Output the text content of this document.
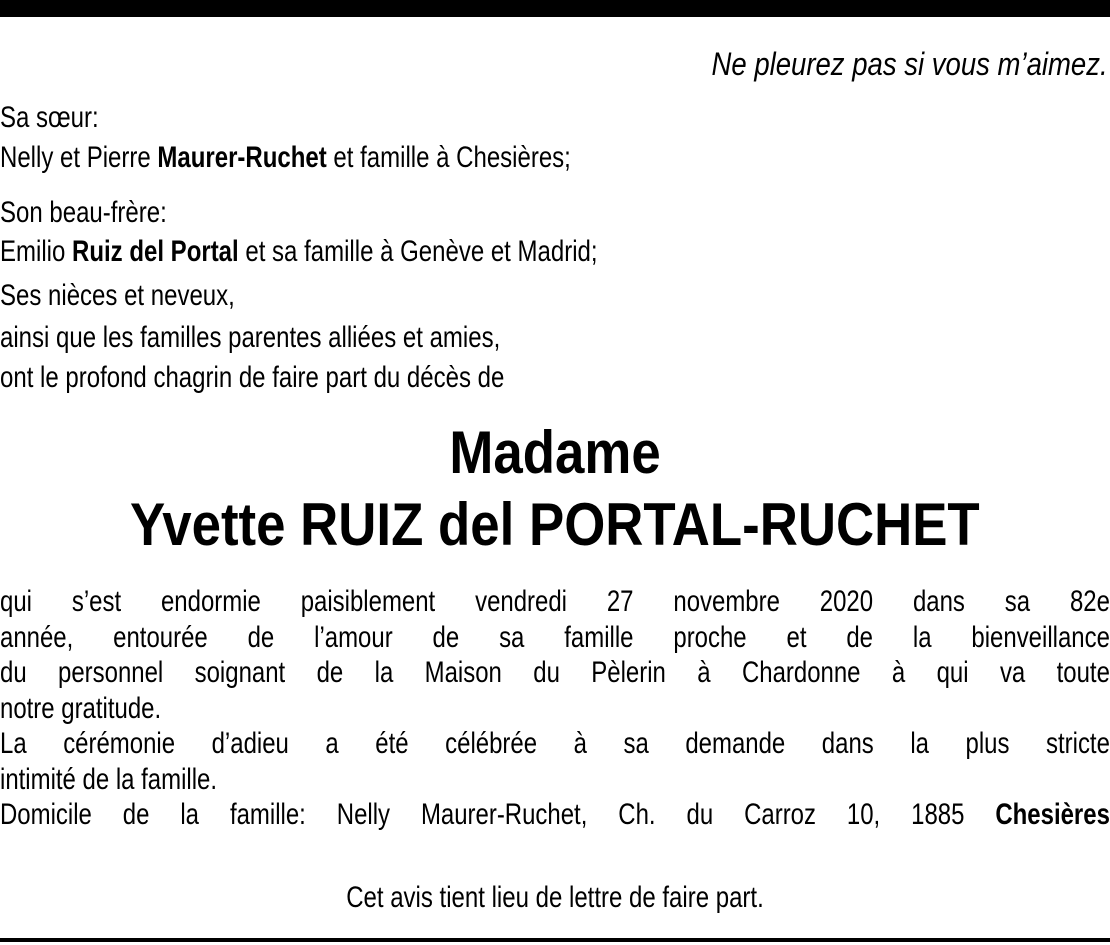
Ne pleurez pas si vous m’aimez.
Sa sœur:
Nelly et Pierre Maurer-Ruchet et famille à Chesières;
Son beau-frère:
Emilio Ruiz del Portal et sa famille à Genève et Madrid;
Ses nièces et neveux,
ainsi que les familles parentes alliées et amies,
ont le profond chagrin de faire part du décès de
Madame
Yvette RUIZ del PORTAL-RUCHET
qui s’est endormie paisiblement vendredi 27 novembre 2020 dans sa 82e
année, entourée de l’amour de sa famille proche et de la bienveillance
du personnel soignant de la Maison du Pèlerin à Chardonne à qui va toute
notre gratitude.
La cérémonie d’adieu a été célébrée à sa demande dans la plus stricte
intimité de la famille.
Domicile de la famille: Nelly Maurer-Ruchet, Ch. du Carroz 10, 1885 Chesières
Cet avis tient lieu de lettre de faire part.
